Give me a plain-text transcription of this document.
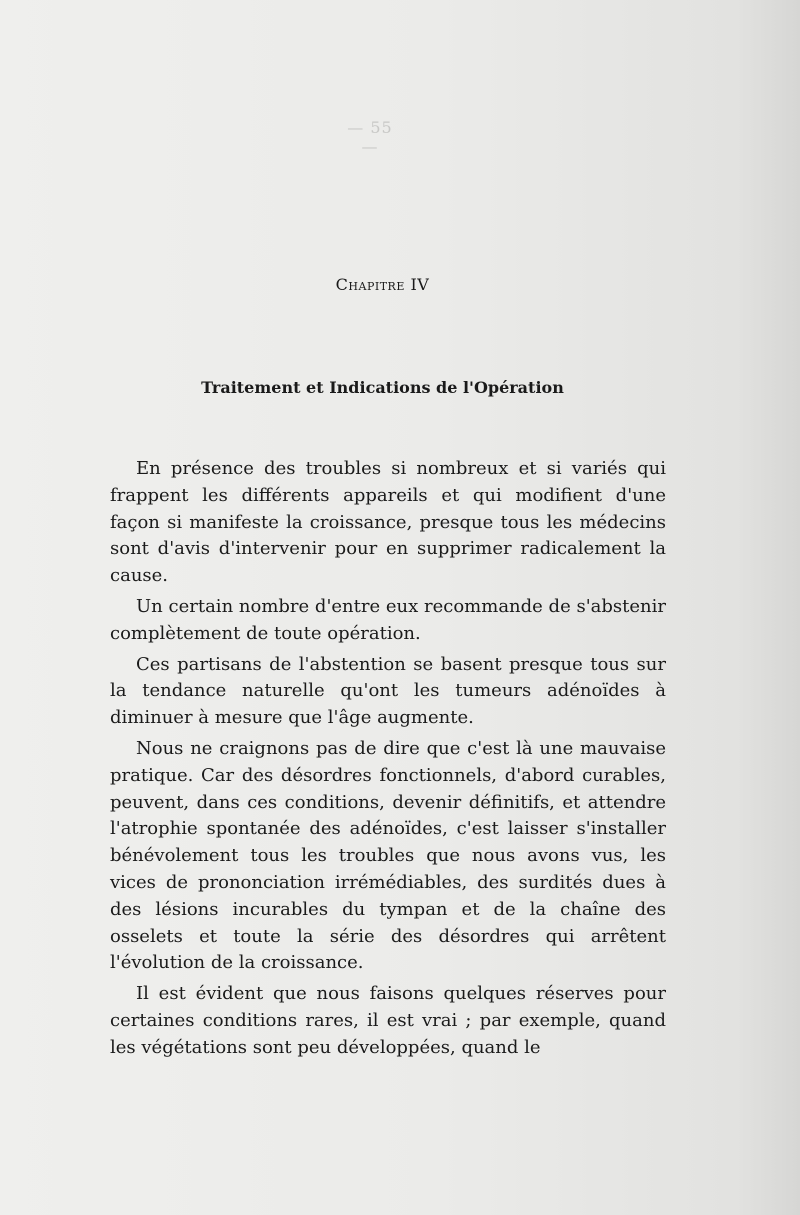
— 55 —
Chapitre IV
Traitement et Indications de l'Opération

En présence des troubles si nombreux et si variés qui frappent les différents appareils et qui modifient d'une façon si manifeste la croissance, presque tous les médecins sont d'avis d'intervenir pour en supprimer radicalement la cause.

Un certain nombre d'entre eux recommande de s'abstenir complètement de toute opération.

Ces partisans de l'abstention se basent presque tous sur la tendance naturelle qu'ont les tumeurs adénoïdes à diminuer à mesure que l'âge augmente.

Nous ne craignons pas de dire que c'est là une mauvaise pratique. Car des désordres fonctionnels, d'abord curables, peuvent, dans ces conditions, devenir définitifs, et attendre l'atrophie spontanée des adénoïdes, c'est laisser s'installer bénévolement tous les troubles que nous avons vus, les vices de prononciation irrémédiables, des surdités dues à des lésions incurables du tympan et de la chaîne des osselets et toute la série des désordres qui arrêtent l'évolution de la croissance.

Il est évident que nous faisons quelques réserves pour certaines conditions rares, il est vrai ; par exemple, quand les végétations sont peu développées, quand le
